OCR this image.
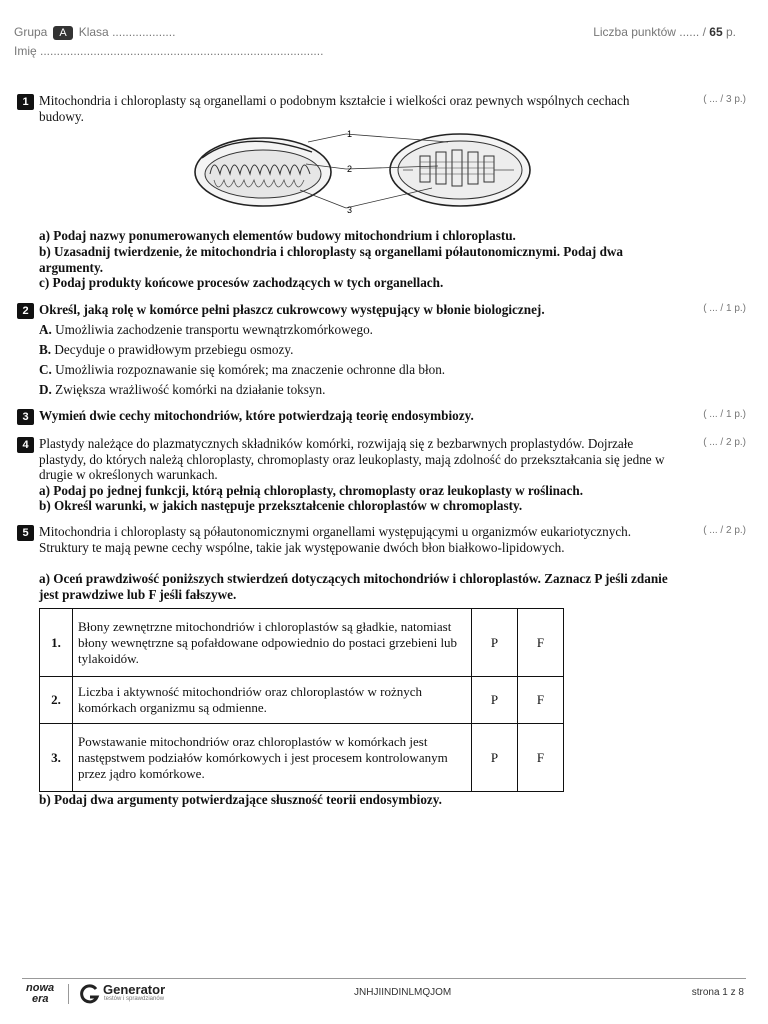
Grupa A Klasa ...................
Imię .....................................................................................
Liczba punktów ...... / 65 p.
1	( ... / 3 p.)
Mitochondria i chloroplasty są organellami o podobnym kształcie i wielkości oraz pewnych wspólnych cechach budowy.
1
2
3
a) Podaj nazwy ponumerowanych elementów budowy mitochondrium i chloroplastu.
b) Uzasadnij twierdzenie, że mitochondria i chloroplasty są organellami półautonomicznymi. Podaj dwa argumenty.
c) Podaj produkty końcowe procesów zachodzących w tych organellach.
2	( ... / 1 p.)
Określ, jaką rolę w komórce pełni płaszcz cukrowcowy występujący w błonie biologicznej.
A. Umożliwia zachodzenie transportu wewnątrzkomórkowego.
B. Decyduje o prawidłowym przebiegu osmozy.
C. Umożliwia rozpoznawanie się komórek; ma znaczenie ochronne dla błon.
D. Zwiększa wrażliwość komórki na działanie toksyn.
3	( ... / 1 p.)
Wymień dwie cechy mitochondriów, które potwierdzają teorię endosymbiozy.
4	( ... / 2 p.)
Plastydy należące do plazmatycznych składników komórki, rozwijają się z bezbarwnych proplastydów. Dojrzałe plastydy, do których należą chloroplasty, chromoplasty oraz leukoplasty, mają zdolność do przekształcania się jedne w drugie w określonych warunkach.
a) Podaj po jednej funkcji, którą pełnią chloroplasty, chromoplasty oraz leukoplasty w roślinach.
b) Określ warunki, w jakich następuje przekształcenie chloroplastów w chromoplasty.
5	( ... / 2 p.)
Mitochondria i chloroplasty są półautonomicznymi organellami występującymi u organizmów eukariotycznych. Struktury te mają pewne cechy wspólne, takie jak występowanie dwóch błon białkowo-lipidowych.
a) Oceń prawdziwość poniższych stwierdzeń dotyczących mitochondriów i chloroplastów. Zaznacz P jeśli zdanie jest prawdziwe lub F jeśli fałszywe.
1.	Błony zewnętrzne mitochondriów i chloroplastów są gładkie, natomiast błony wewnętrzne są pofałdowane odpowiednio do postaci grzebieni lub tylakoidów.	P	F
2.	Liczba i aktywność mitochondriów oraz chloroplastów w rożnych komórkach organizmu są odmienne.	P	F
3.	Powstawanie mitochondriów oraz chloroplastów w komórkach jest następstwem podziałów komórkowych i jest procesem kontrolowanym przez jądro komórkowe.	P	F
b) Podaj dwa argumenty potwierdzające słuszność teorii endosymbiozy.
nowa
era
Generator
testów i sprawdzianów
JNHJIINDINLMQJOM	strona 1 z 8
